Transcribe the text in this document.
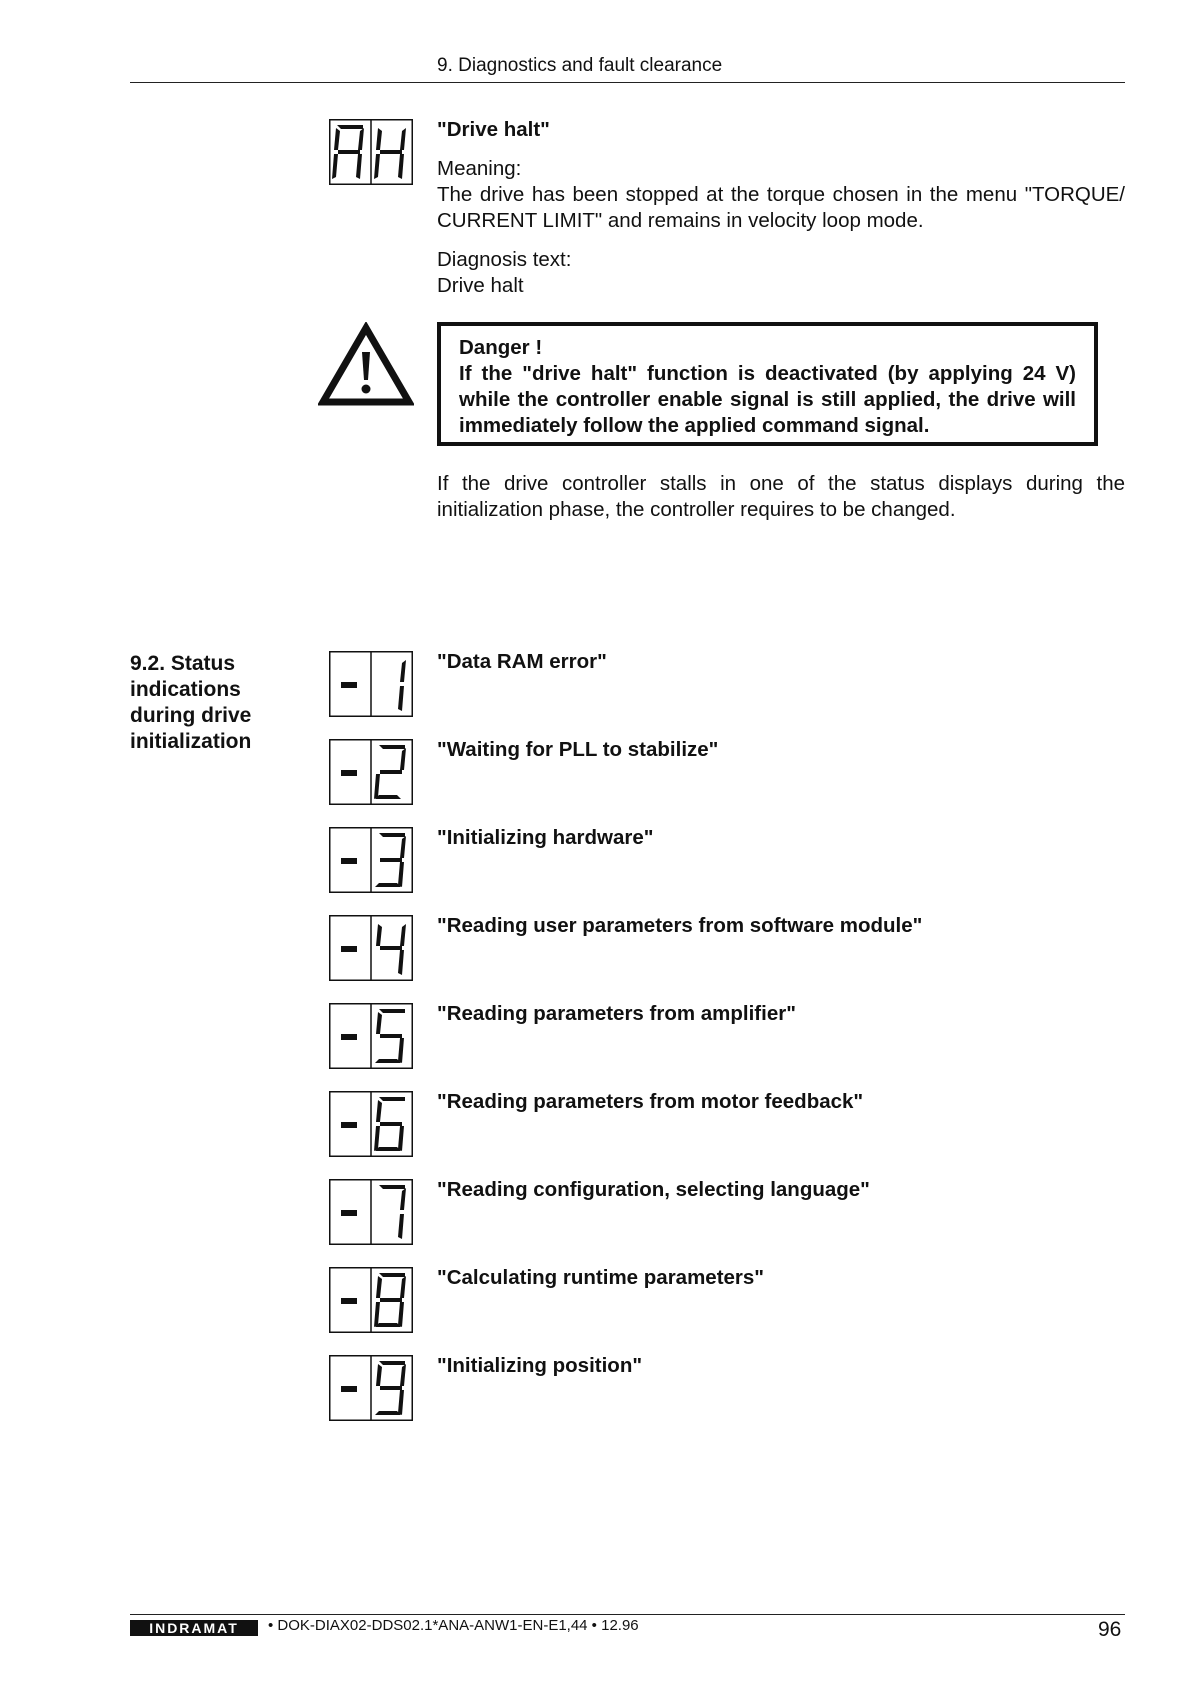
9. Diagnostics and fault clearance
"Drive halt"
Meaning:
The drive has been stopped at the torque chosen in the menu "TORQUE/
CURRENT LIMIT" and remains in velocity loop mode.
Diagnosis text:
Drive halt
Danger !
If the "drive halt" function is deactivated (by applying 24 V)
while the controller enable signal is still applied, the drive will
immediately follow the applied command signal.
If the drive controller stalls in one of the status displays during the
initialization phase, the controller requires to be changed.
9.2. Status
indications
during drive
initialization
"Data RAM error"
"Waiting for PLL to stabilize"
"Initializing hardware"
"Reading user parameters from software module"
"Reading parameters from amplifier"
"Reading parameters from motor feedback"
"Reading configuration, selecting language"
"Calculating runtime parameters"
"Initializing position"
INDRAMAT • DOK-DIAX02-DDS02.1*ANA-ANW1-EN-E1,44 • 12.96	96
